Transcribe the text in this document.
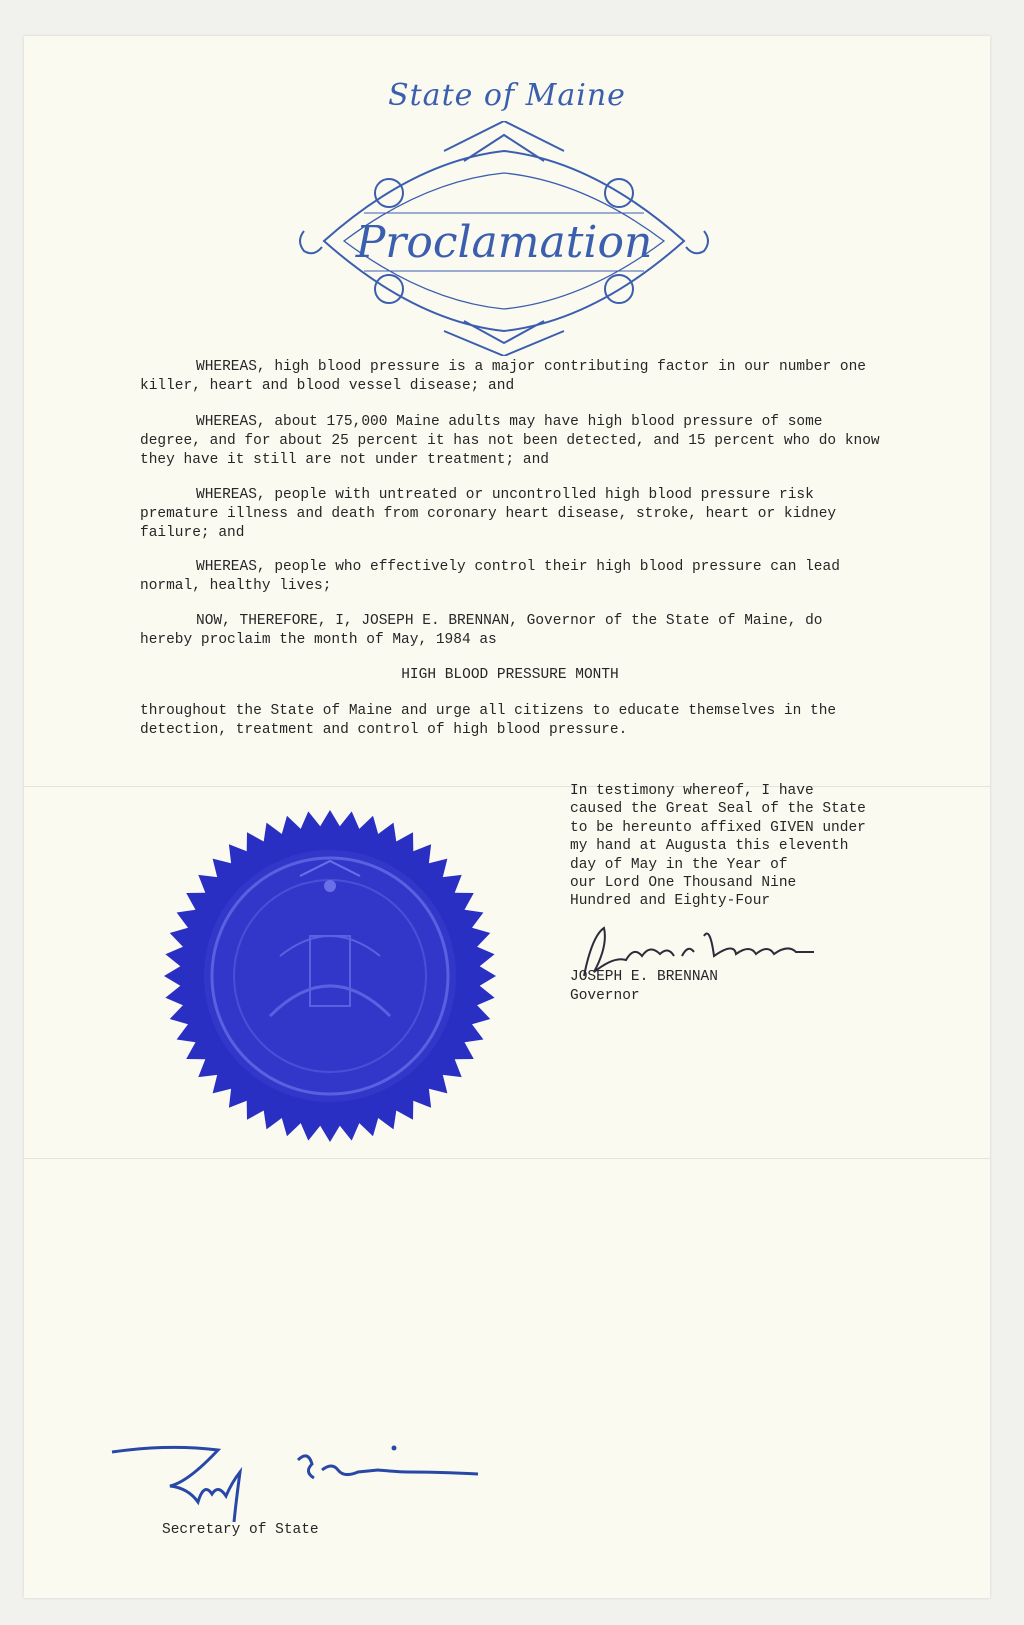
State of Maine
Proclamation

WHEREAS, high blood pressure is a major contributing factor in our number one killer, heart and blood vessel disease; and

WHEREAS, about 175,000 Maine adults may have high blood pressure of some degree, and for about 25 percent it has not been detected, and 15 percent who do know they have it still are not under treatment; and

WHEREAS, people with untreated or uncontrolled high blood pressure risk premature illness and death from coronary heart disease, stroke, heart or kidney failure; and

WHEREAS, people who effectively control their high blood pressure can lead normal, healthy lives;

NOW, THEREFORE, I, JOSEPH E. BRENNAN, Governor of the State of Maine, do hereby proclaim the month of May, 1984 as

HIGH BLOOD PRESSURE MONTH

throughout the State of Maine and urge all citizens to educate themselves in the detection, treatment and control of high blood pressure.

In testimony whereof, I have
caused the Great Seal of the State
to be hereunto affixed GIVEN under
my hand at Augusta this eleventh
day of May in the Year of
our Lord One Thousand Nine
Hundred and Eighty-Four
JOSEPH E. BRENNAN
Governor
Secretary of State
